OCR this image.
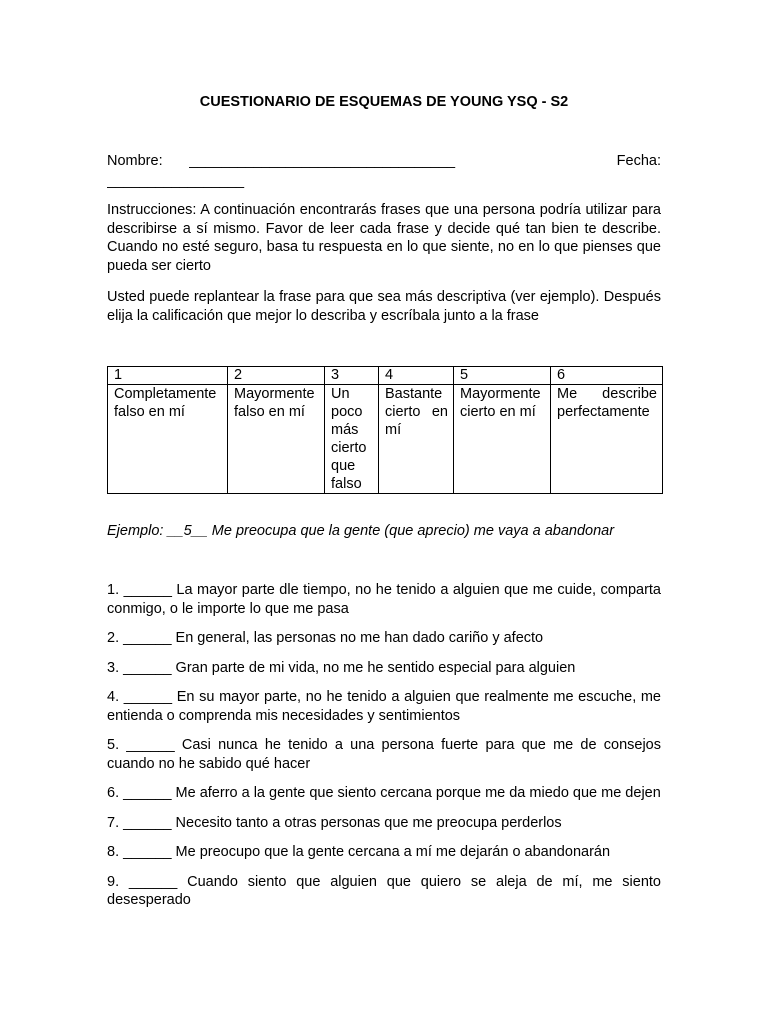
CUESTIONARIO DE ESQUEMAS DE YOUNG YSQ - S2
Nombre: _________________________________	Fecha:
_________________

Instrucciones: A continuación encontrarás frases que una persona podría utilizar para describirse a sí mismo. Favor de leer cada frase y decide qué tan bien te describe. Cuando no esté seguro, basa tu respuesta en lo que siente, no en lo que pienses que pueda ser cierto

Usted puede replantear la frase para que sea más descriptiva (ver ejemplo). Después elija la calificación que mejor lo describa y escríbala junto a la frase

1	2	3	4	5	6
Completamente falso en mí	Mayormente falso en mí	Un poco más cierto que falso	Bastante cierto en mí	Mayormente cierto en mí	Me describe perfectamente
Ejemplo: __5__ Me preocupa que la gente (que aprecio) me vaya a abandonar
1. ______ La mayor parte dle tiempo, no he tenido a alguien que me cuide, comparta conmigo, o le importe lo que me pasa
2. ______ En general, las personas no me han dado cariño y afecto
3. ______ Gran parte de mi vida, no me he sentido especial para alguien
4. ______ En su mayor parte, no he tenido a alguien que realmente me escuche, me entienda o comprenda mis necesidades y sentimientos
5. ______ Casi nunca he tenido a una persona fuerte para que me de consejos cuando no he sabido qué hacer
6. ______ Me aferro a la gente que siento cercana porque me da miedo que me dejen
7. ______ Necesito tanto a otras personas que me preocupa perderlos
8. ______ Me preocupo que la gente cercana a mí me dejarán o abandonarán
9. ______ Cuando siento que alguien que quiero se aleja de mí, me siento desesperado
